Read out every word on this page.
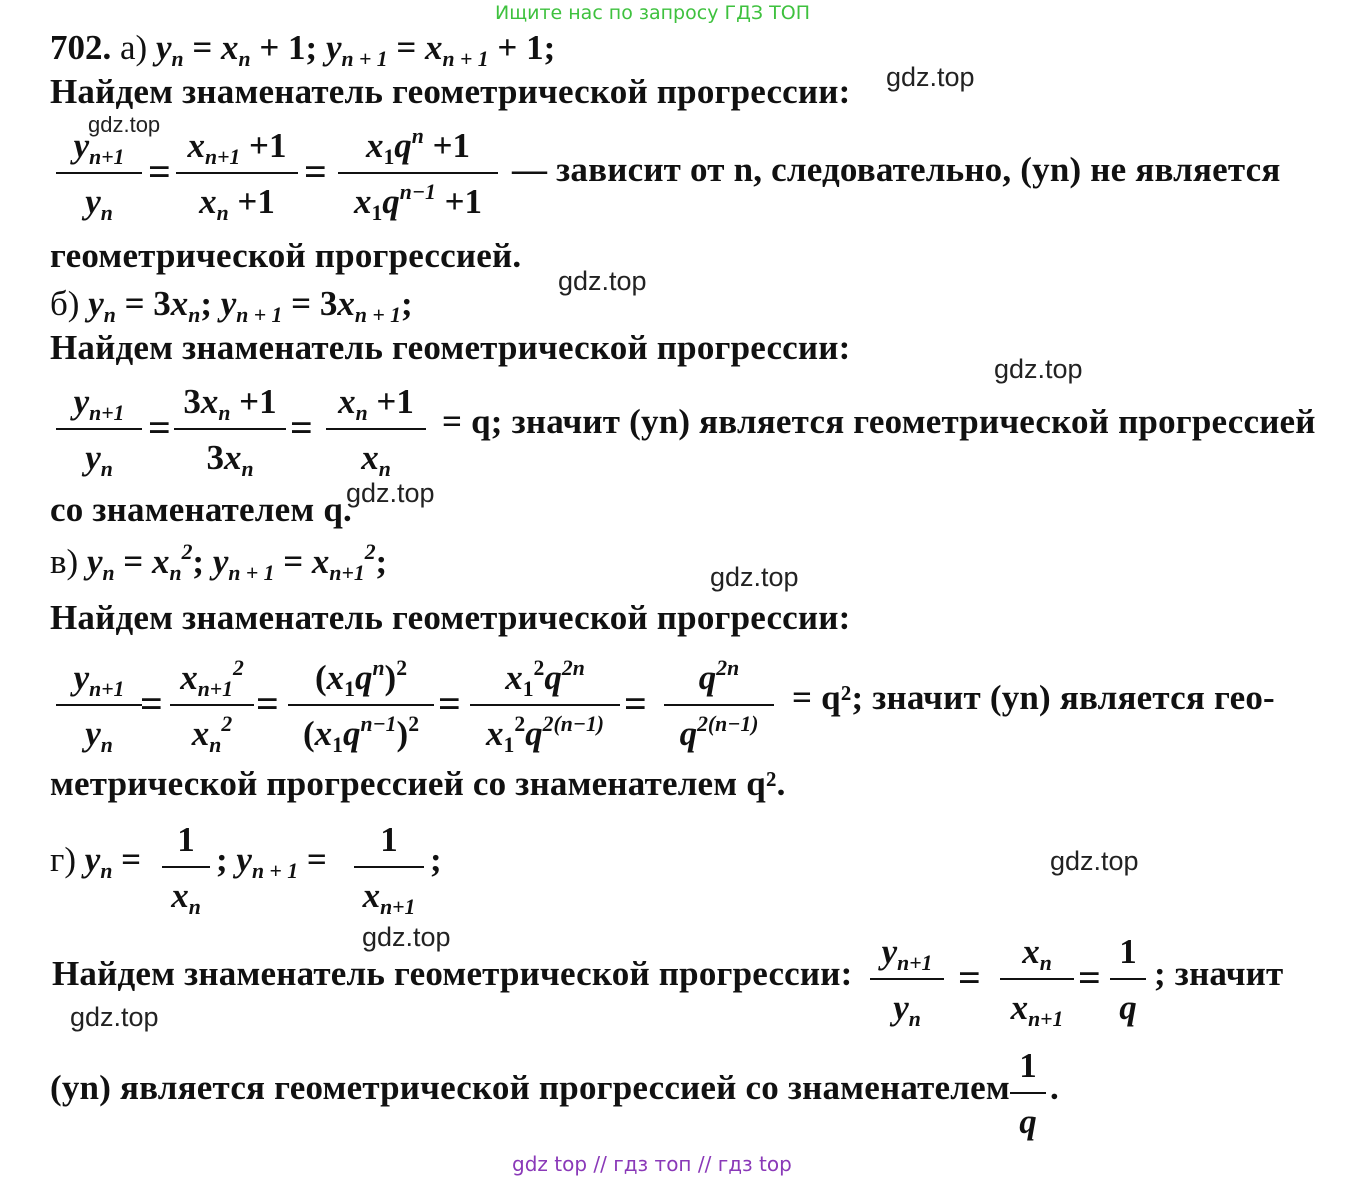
Ищите нас по запросу ГДЗ ТОП
702. а) $y_n = x_n + 1$; $y_{n + 1} = x_{n + 1} + 1$;
Найдем знаменатель геометрической прогрессии:
$y_{n+1}$
$y_n$
=
$x_{n+1} +1$
$x_n +1$
=
$x_1q^n +1$
$x_1q^{n-1} +1$
— зависит от n, следовательно, (yn) не является
геометрической прогрессией.
б) $y_n = 3x_n$; $y_{n + 1} = 3x_{n + 1}$;
Найдем знаменатель геометрической прогрессии:
$y_{n+1}$
$y_n$
=
$3x_n +1$
$3x_n$
=
$x_n +1$
$x_n$
= q; значит (yn) является геометрической прогрессией
со знаменателем q.
в) $y_n = x_n^2$; $y_{n + 1} = x_{n+1}^2$;
Найдем знаменатель геометрической прогрессии:
$y_{n+1}$
$y_n$
=
$x_{n+1}^2$
$x_n^2$ =
$(x_1q^n)^2$
$(x_1q^{n-1})^2$ =
$x_1^2q^{2n}$
$x_1^2q^{2(n-1)}$ =
$q^{2n}$
$q^{2(n-1)}$
= q²; значит (yn) является гео-
метрической прогрессией со знаменателем q².
г) $y_n$ =
1
$x_n$
; $y_{n + 1}$ =
1
$x_{n+1}$
;
Найдем знаменатель геометрической прогрессии:
$y_{n+1}$
$y_n$
=
$x_n$
$x_{n+1}$
=
1
q
; значит
(yn) является геометрической прогрессией со знаменателем
1
q
.
gdz.top
gdz.top
gdz.top
gdz.top
gdz.top
gdz.top
gdz.top
gdz.top
gdz.top
gdz top // гдз топ // гдз top
